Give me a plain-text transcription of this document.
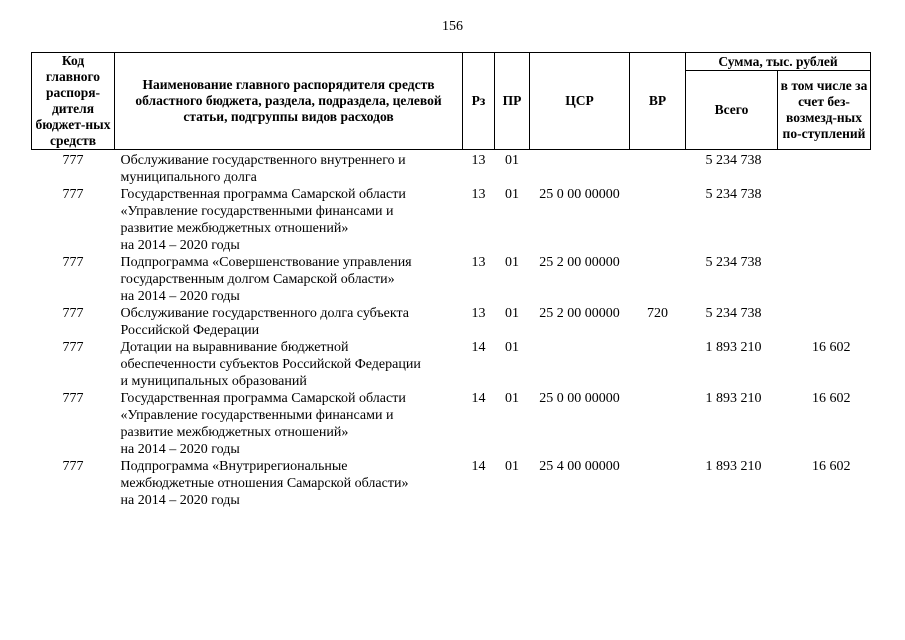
156
Код главного распоря-дителя бюджет-ных средств	Наименование главного распорядителя средств областного бюджета, раздела, подраздела, целевой статьи, подгруппы видов расходов	Рз	ПР	ЦСР	ВР	Сумма, тыс. рублей	
						Всего	в том числе за счет без-возмезд-ных по-ступлений
777	Обслуживание государственного внутреннего и
муниципального долга	13	01			5 234 738	
777	Государственная программа Самарской области
«Управление государственными финансами и
развитие межбюджетных отношений»
на 2014 – 2020 годы	13	01	25 0 00 00000		5 234 738	
777	Подпрограмма «Совершенствование управления
государственным долгом Самарской области»
на 2014 – 2020 годы	13	01	25 2 00 00000		5 234 738	
777	Обслуживание государственного долга субъекта
Российской Федерации	13	01	25 2 00 00000	720	5 234 738	
777	Дотации на выравнивание бюджетной
обеспеченности субъектов Российской Федерации
и муниципальных образований	14	01			1 893 210	16 602
777	Государственная программа Самарской области
«Управление государственными финансами и
развитие межбюджетных отношений»
на 2014 – 2020 годы	14	01	25 0 00 00000		1 893 210	16 602
777	Подпрограмма «Внутрирегиональные
межбюджетные отношения Самарской области»
на 2014 – 2020 годы	14	01	25 4 00 00000		1 893 210	16 602
